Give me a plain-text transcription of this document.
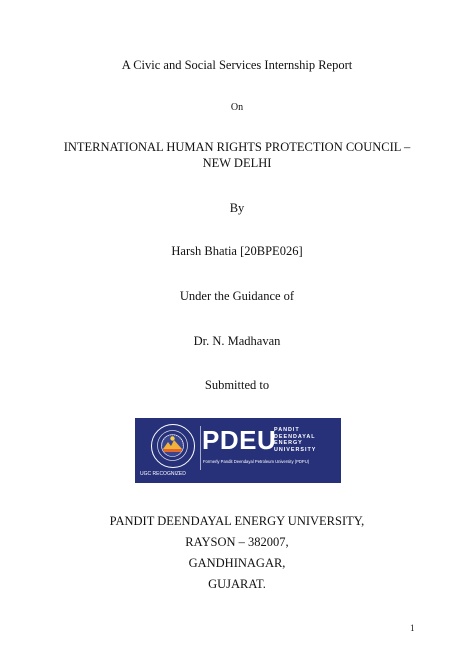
A Civic and Social Services Internship Report
On
INTERNATIONAL HUMAN RIGHTS PROTECTION COUNCIL –
NEW DELHI
By
Harsh Bhatia [20BPE026]
Under the Guidance of
Dr. N. Madhavan
Submitted to
PDEU
PANDIT
DEENDAYAL
ENERGY
UNIVERSITY
Formerly Pandit Deendayal Petroleum University (PDPU)
UGC RECOGNIZED
PANDIT DEENDAYAL ENERGY UNIVERSITY,
RAYSON – 382007,
GANDHINAGAR,
GUJARAT.
1
